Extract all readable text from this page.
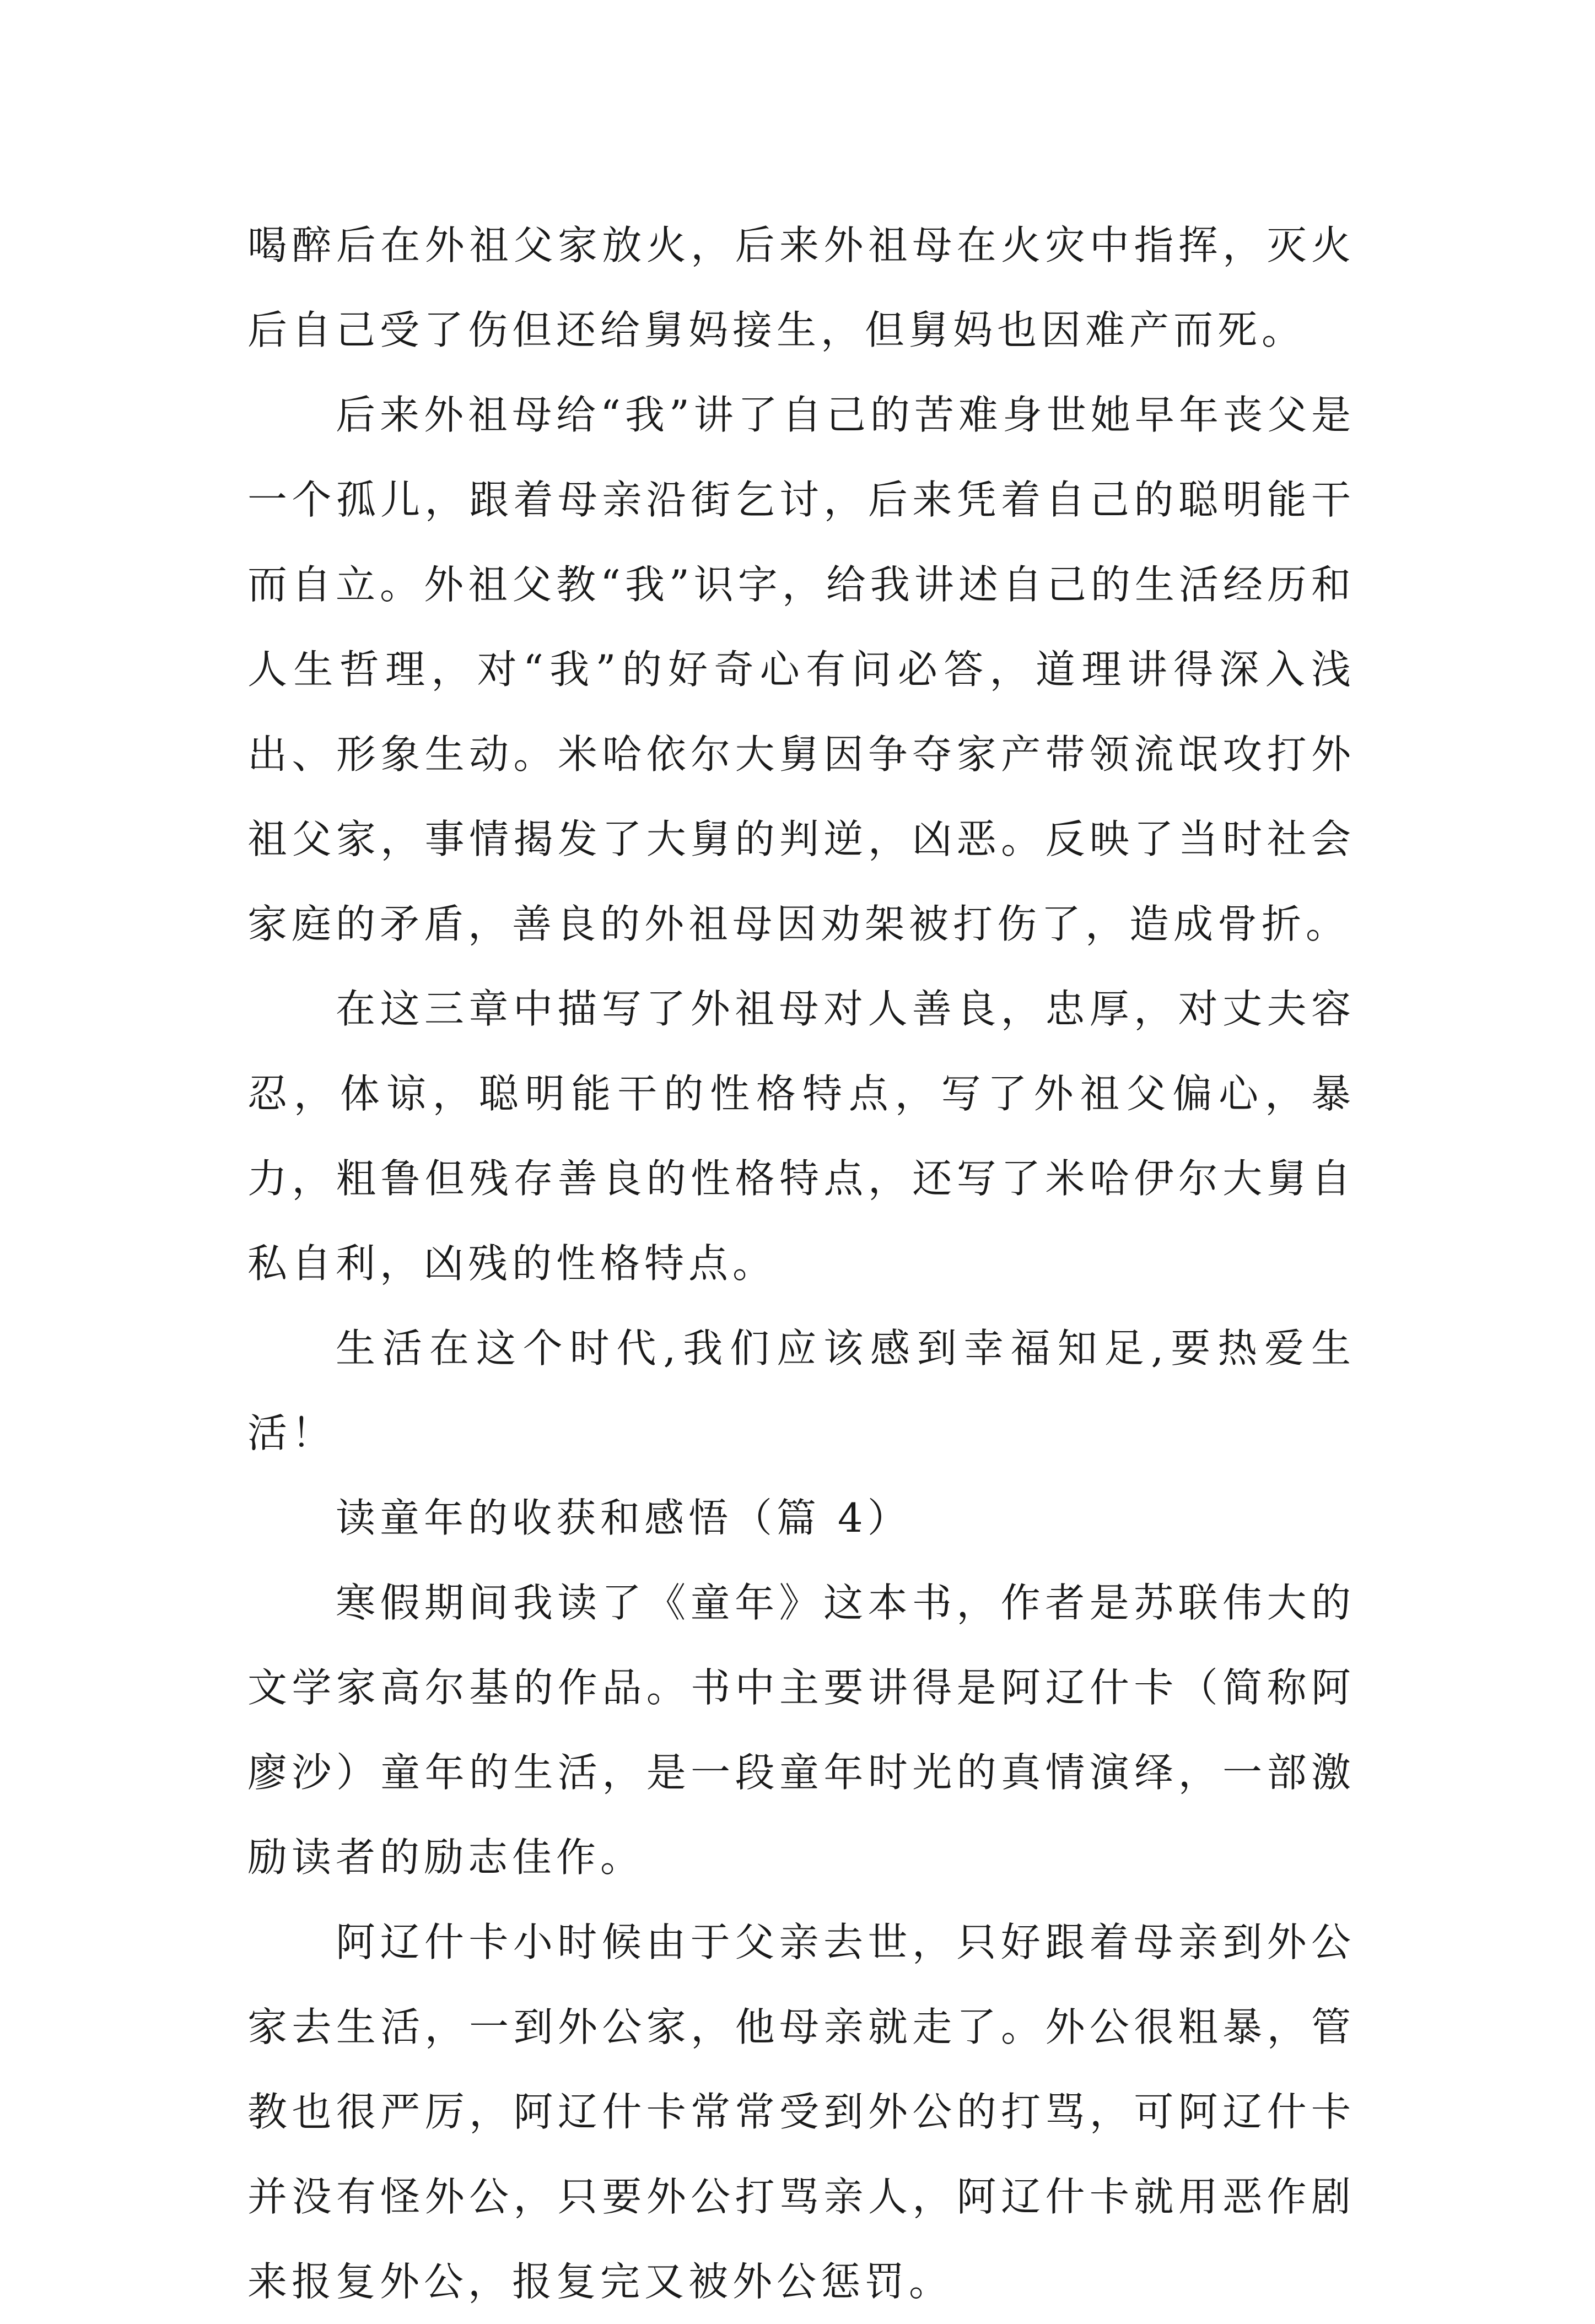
喝醉后在外祖父家放火，后来外祖母在火灾中指挥，灭火后自己受了伤但还给舅妈接生，但舅妈也因难产而死。

后来外祖母给“我”讲了自己的苦难身世她早年丧父是一个孤儿，跟着母亲沿街乞讨，后来凭着自己的聪明能干而自立。外祖父教“我”识字，给我讲述自己的生活经历和人生哲理，对“我”的好奇心有问必答，道理讲得深入浅出、形象生动。米哈依尔大舅因争夺家产带领流氓攻打外祖父家，事情揭发了大舅的判逆，凶恶。反映了当时社会家庭的矛盾，善良的外祖母因劝架被打伤了，造成骨折。

在这三章中描写了外祖母对人善良，忠厚，对丈夫容忍，体谅，聪明能干的性格特点，写了外祖父偏心，暴力，粗鲁但残存善良的性格特点，还写了米哈伊尔大舅自私自利，凶残的性格特点。

生活在这个时代,我们应该感到幸福知足,要热爱生活！

读童年的收获和感悟（篇 4）

寒假期间我读了《童年》这本书，作者是苏联伟大的文学家高尔基的作品。书中主要讲得是阿辽什卡（简称阿廖沙）童年的生活，是一段童年时光的真情演绎，一部激励读者的励志佳作。

阿辽什卡小时候由于父亲去世，只好跟着母亲到外公家去生活，一到外公家，他母亲就走了。外公很粗暴，管教也很严厉，阿辽什卡常常受到外公的打骂，可阿辽什卡并没有怪外公，只要外公打骂亲人，阿辽什卡就用恶作剧来报复外公，报复完又被外公惩罚。
